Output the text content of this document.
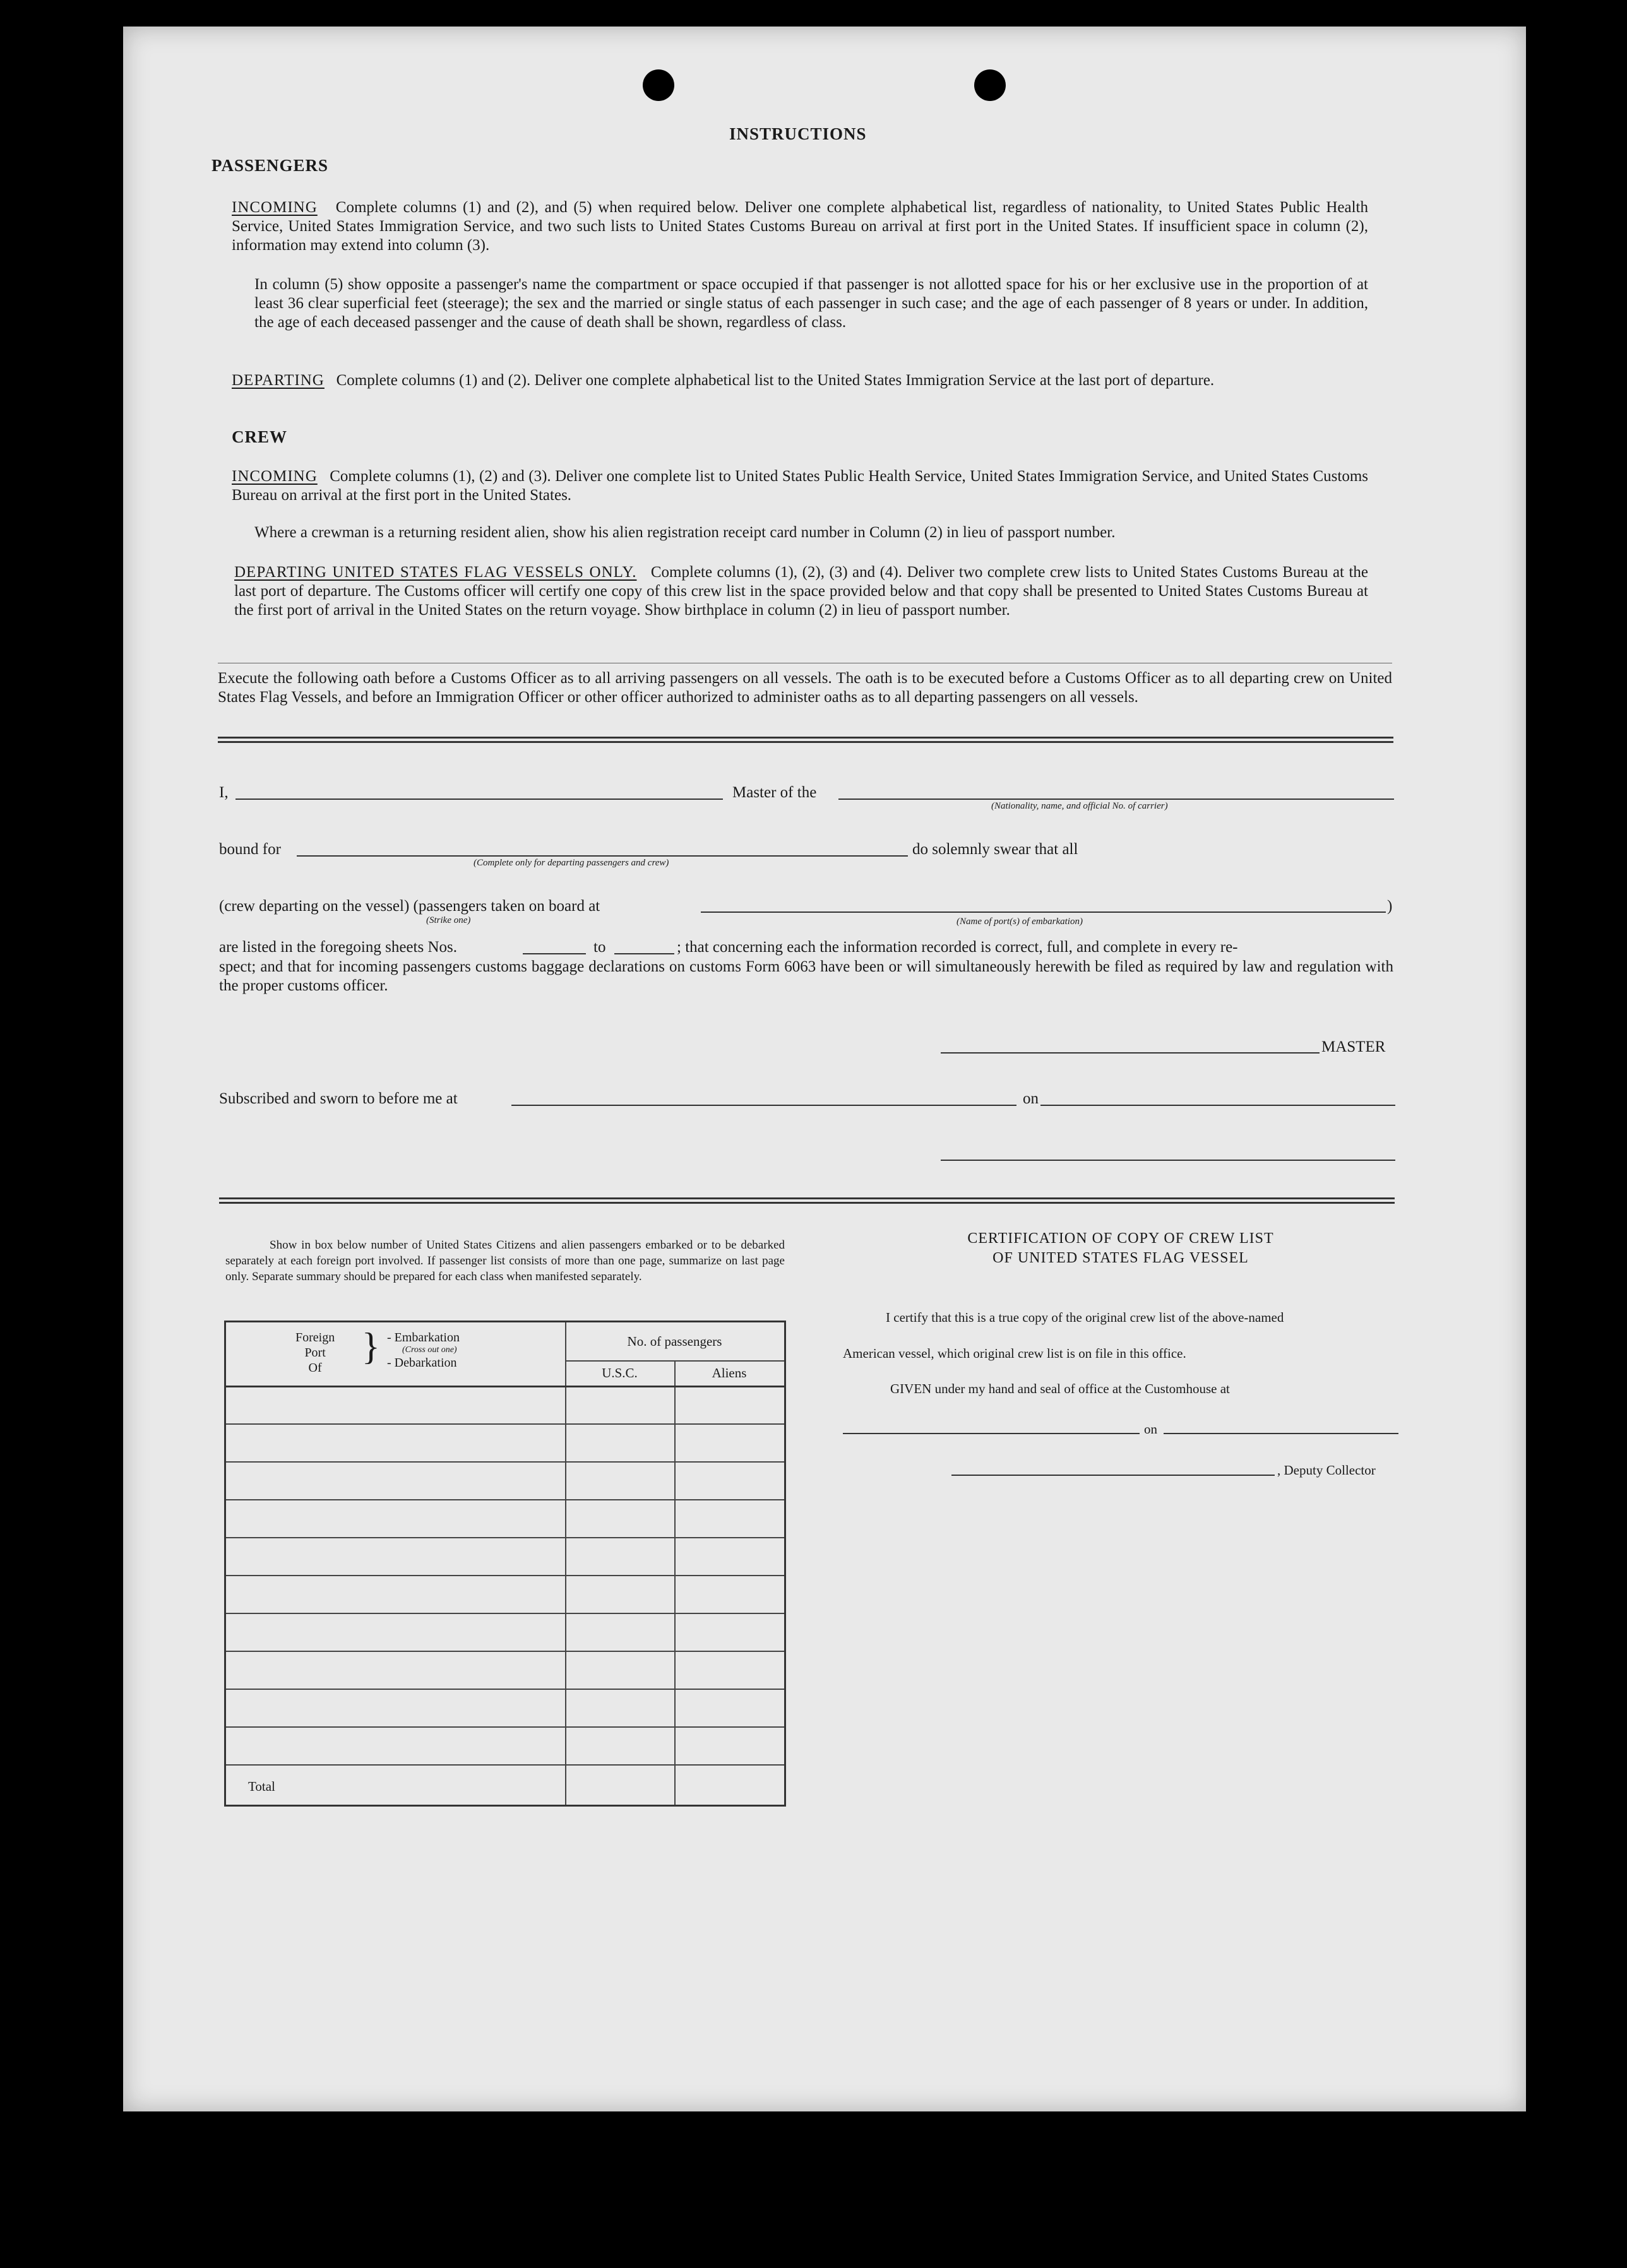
INSTRUCTIONS
PASSENGERS
INCOMING Complete columns (1) and (2), and (5) when required below. Deliver one complete alphabetical list, regardless of nationality, to United States Public Health Service, United States Immigration Service, and two such lists to United States Customs Bureau on arrival at first port in the United States. If insufficient space in column (2), information may extend into column (3).
In column (5) show opposite a passenger's name the compartment or space occupied if that passenger is not allotted space for his or her exclusive use in the proportion of at least 36 clear superficial feet (steerage); the sex and the married or single status of each passenger in such case; and the age of each passenger of 8 years or under. In addition, the age of each deceased passenger and the cause of death shall be shown, regardless of class.
DEPARTING Complete columns (1) and (2). Deliver one complete alphabetical list to the United States Immigration Service at the last port of departure.
CREW
INCOMING Complete columns (1), (2) and (3). Deliver one complete list to United States Public Health Service, United States Immigration Service, and United States Customs Bureau on arrival at the first port in the United States.
Where a crewman is a returning resident alien, show his alien registration receipt card number in Column (2) in lieu of passport number.
DEPARTING UNITED STATES FLAG VESSELS ONLY. Complete columns (1), (2), (3) and (4). Deliver two complete crew lists to United States Customs Bureau at the last port of departure. The Customs officer will certify one copy of this crew list in the space provided below and that copy shall be presented to United States Customs Bureau at the first port of arrival in the United States on the return voyage. Show birthplace in column (2) in lieu of passport number.
Execute the following oath before a Customs Officer as to all arriving passengers on all vessels. The oath is to be executed before a Customs Officer as to all departing crew on United States Flag Vessels, and before an Immigration Officer or other officer authorized to administer oaths as to all departing passengers on all vessels.
I,	Master of the
(Nationality, name, and official No. of carrier)
bound for
(Complete only for departing passengers and crew)
do solemnly swear that all
(crew departing on the vessel) (passengers taken on board at
(Strike one)
)
(Name of port(s) of embarkation)
are listed in the foregoing sheets Nos.	to	; that concerning each the information recorded is correct, full, and complete in every re-
spect; and that for incoming passengers customs baggage declarations on customs Form 6063 have been or will simultaneously herewith be filed as required by law and regulation with the proper customs officer.
MASTER
Subscribed and sworn to before me at	on
Show in box below number of United States Citizens and alien passengers embarked or to be debarked separately at each foreign port involved. If passenger list consists of more than one page, summarize on last page only. Separate summary should be prepared for each class when manifested separately.
Foreign
Port
Of
} - Embarkation
(Cross out one)
- Debarkation
No. of passengers
U.S.C.	Aliens
Total
CERTIFICATION OF COPY OF CREW LIST
OF UNITED STATES FLAG VESSEL
I certify that this is a true copy of the original crew list of the above-named
American vessel, which original crew list is on file in this office.
GIVEN under my hand and seal of office at the Customhouse at
on
, Deputy Collector
